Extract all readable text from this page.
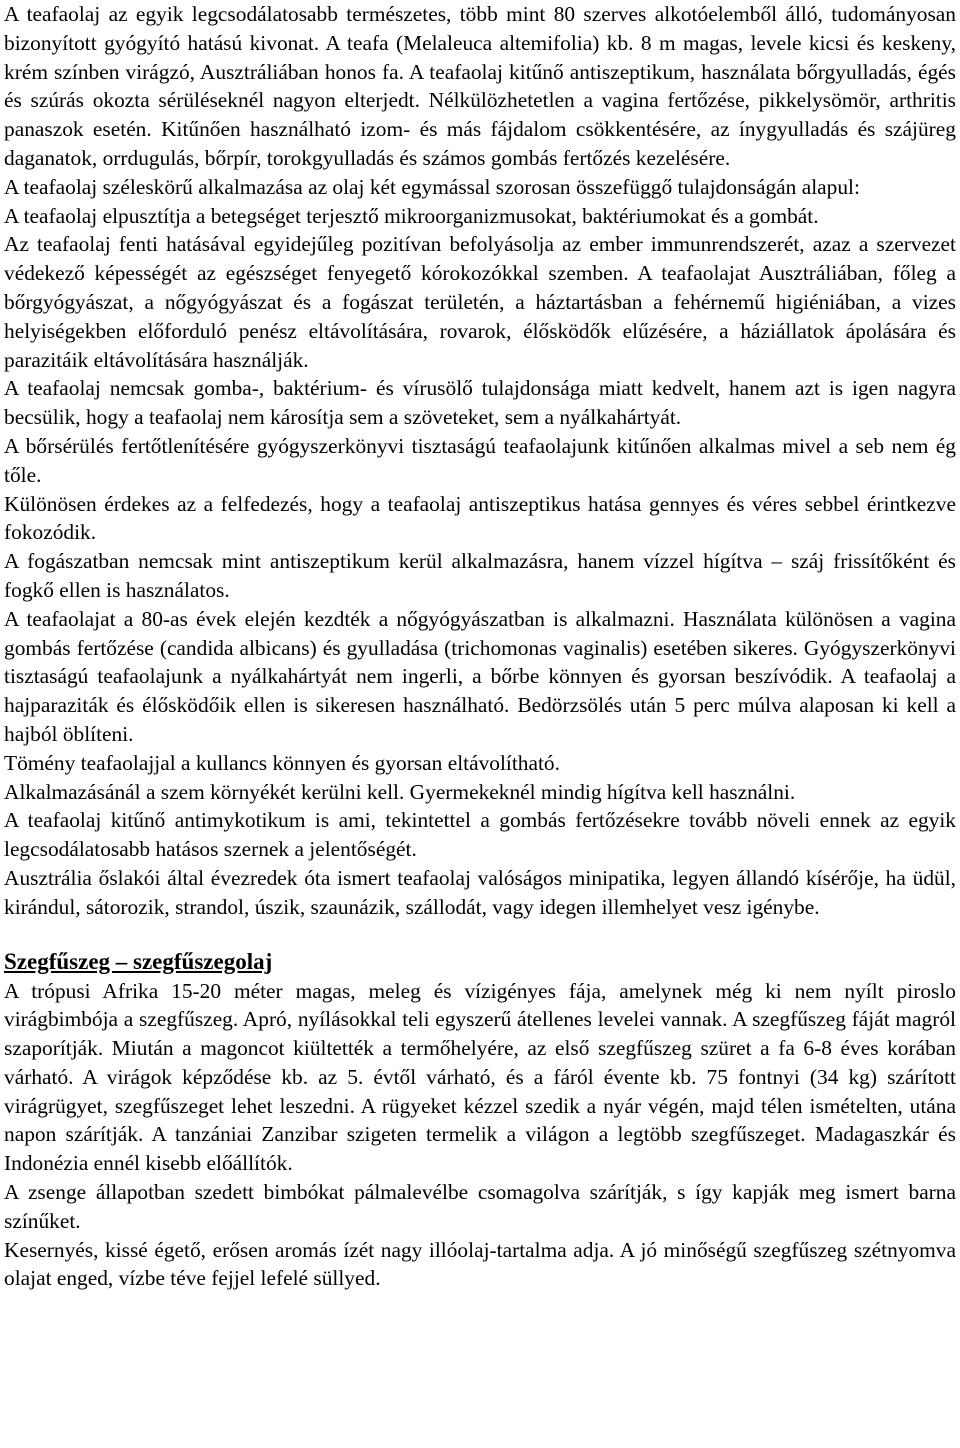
A teafaolaj az egyik legcsodálatosabb természetes, több mint 80 szerves alkotóelemből álló, tudományosan bizonyított gyógyító hatású kivonat. A teafa (Melaleuca altemifolia) kb. 8 m magas, levele kicsi és keskeny, krém színben virágzó, Ausztráliában honos fa. A teafaolaj kitűnő antiszeptikum, használata bőrgyulladás, égés és szúrás okozta sérüléseknél nagyon elterjedt. Nélkülözhetetlen a vagina fertőzése, pikkelysömör, arthritis panaszok esetén. Kitűnően használható izom- és más fájdalom csökkentésére, az ínygyulladás és szájüreg daganatok, orrdugulás, bőrpír, torokgyulladás és számos gombás fertőzés kezelésére.

A teafaolaj széleskörű alkalmazása az olaj két egymással szorosan összefüggő tulajdonságán alapul:

A teafaolaj elpusztítja a betegséget terjesztő mikroorganizmusokat, baktériumokat és a gombát.

Az teafaolaj fenti hatásával egyidejűleg pozitívan befolyásolja az ember immunrendszerét, azaz a szervezet védekező képességét az egészséget fenyegető kórokozókkal szemben. A teafaolajat Ausztráliában, főleg a bőrgyógyászat, a nőgyógyászat és a fogászat területén, a háztartásban a fehérnemű higiéniában, a vizes helyiségekben előforduló penész eltávolítására, rovarok, élősködők elűzésére, a háziállatok ápolására és parazitáik eltávolítására használják.

A teafaolaj nemcsak gomba-, baktérium- és vírusölő tulajdonsága miatt kedvelt, hanem azt is igen nagyra becsülik, hogy a teafaolaj nem károsítja sem a szöveteket, sem a nyálkahártyát.

A bőrsérülés fertőtlenítésére gyógyszerkönyvi tisztaságú teafaolajunk kitűnően alkalmas mivel a seb nem ég tőle.

Különösen érdekes az a felfedezés, hogy a teafaolaj antiszeptikus hatása gennyes és véres sebbel érintkezve fokozódik.

A fogászatban nemcsak mint antiszeptikum kerül alkalmazásra, hanem vízzel hígítva – száj frissítőként és fogkő ellen is használatos.

A teafaolajat a 80-as évek elején kezdték a nőgyógyászatban is alkalmazni. Használata különösen a vagina gombás fertőzése (candida albicans) és gyulladása (trichomonas vaginalis) esetében sikeres. Gyógyszerkönyvi tisztaságú teafaolajunk a nyálkahártyát nem ingerli, a bőrbe könnyen és gyorsan beszívódik. A teafaolaj a hajparaziták és élősködőik ellen is sikeresen használható. Bedörzsölés után 5 perc múlva alaposan ki kell a hajból öblíteni.

Tömény teafaolajjal a kullancs könnyen és gyorsan eltávolítható.

Alkalmazásánál a szem környékét kerülni kell. Gyermekeknél mindig hígítva kell használni.

A teafaolaj kitűnő antimykotikum is ami, tekintettel a gombás fertőzésekre tovább növeli ennek az egyik legcsodálatosabb hatásos szernek a jelentőségét.

Ausztrália őslakói által évezredek óta ismert teafaolaj valóságos minipatika, legyen állandó kísérője, ha üdül, kirándul, sátorozik, strandol, úszik, szaunázik, szállodát, vagy idegen illemhelyet vesz igénybe.

Szegfűszeg – szegfűszegolaj

A trópusi Afrika 15-20 méter magas, meleg és vízigényes fája, amelynek még ki nem nyílt piroslo virágbimbója a szegfűszeg. Apró, nyílásokkal teli egyszerű átellenes levelei vannak. A szegfűszeg fáját magról szaporítják. Miután a magoncot kiültették a termőhelyére, az első szegfűszeg szüret a fa 6-8 éves korában várható. A virágok képződése kb. az 5. évtől várható, és a fáról évente kb. 75 fontnyi (34 kg) szárított virágrügyet, szegfűszeget lehet leszedni. A rügyeket kézzel szedik a nyár végén, majd télen ismételten, utána napon szárítják. A tanzániai Zanzibar szigeten termelik a világon a legtöbb szegfűszeget. Madagaszkár és Indonézia ennél kisebb előállítók.

A zsenge állapotban szedett bimbókat pálmalevélbe csomagolva szárítják, s így kapják meg ismert barna színűket.

Kesernyés, kissé égető, erősen aromás ízét nagy illóolaj-tartalma adja. A jó minőségű szegfűszeg szétnyomva olajat enged, vízbe téve fejjel lefelé süllyed.
